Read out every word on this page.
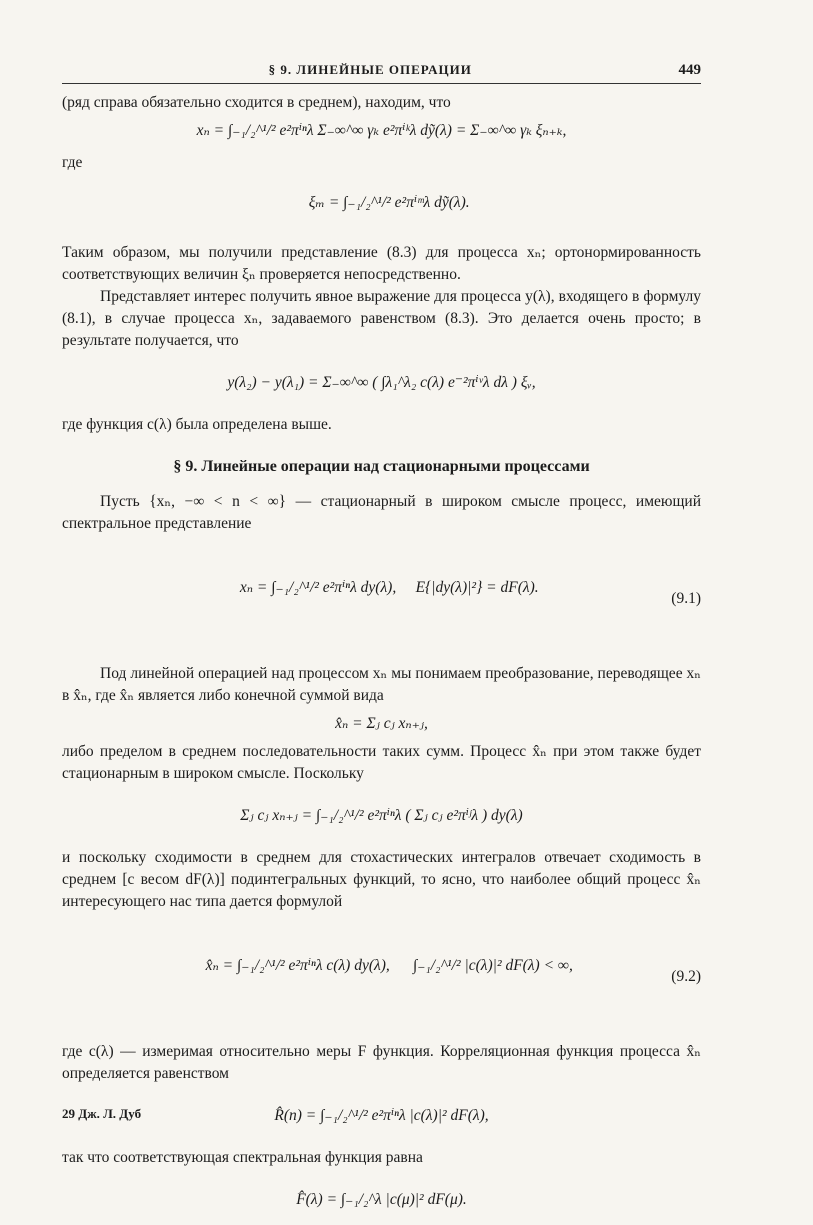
§ 9. ЛИНЕЙНЫЕ ОПЕРАЦИИ	449

(ряд справа обязательно сходится в среднем), находим, что

xₙ = ∫₋₁/₂^¹/² e²πⁱⁿλ Σ₋∞^∞ γₖ e²πⁱᵏλ dỹ(λ) = Σ₋∞^∞ γₖ ξₙ₊ₖ,

где

ξₘ = ∫₋₁/₂^¹/² e²πⁱᵐλ dỹ(λ).

Таким образом, мы получили представление (8.3) для процесса xₙ; ортонормированность соответствующих величин ξₙ проверяется непосредственно.

Представляет интерес получить явное выражение для процесса y(λ), входящего в формулу (8.1), в случае процесса xₙ, задаваемого равенством (8.3). Это делается очень просто; в результате получается, что

y(λ₂) − y(λ₁) = Σ₋∞^∞ ( ∫λ₁^λ₂ c(λ) e⁻²πⁱᵛλ dλ ) ξᵥ,

где функция c(λ) была определена выше.

§ 9. Линейные операции над стационарными процессами

Пусть {xₙ, −∞ < n < ∞} — стационарный в широком смысле процесс, имеющий спектральное представление

xₙ = ∫₋₁/₂^¹/² e²πⁱⁿλ dy(λ),     E{|dy(λ)|²} = dF(λ).

(9.1)

Под линейной операцией над процессом xₙ мы понимаем преобразование, переводящее xₙ в x̂ₙ, где x̂ₙ является либо конечной суммой вида

x̂ₙ = Σⱼ cⱼ xₙ₊ⱼ,

либо пределом в среднем последовательности таких сумм. Процесс x̂ₙ при этом также будет стационарным в широком смысле. Поскольку

Σⱼ cⱼ xₙ₊ⱼ = ∫₋₁/₂^¹/² e²πⁱⁿλ ( Σⱼ cⱼ e²πⁱʲλ ) dy(λ)

и поскольку сходимости в среднем для стохастических интегралов отвечает сходимость в среднем [с весом dF(λ)] подинтегральных функций, то ясно, что наиболее общий процесс x̂ₙ интересующего нас типа дается формулой

x̂ₙ = ∫₋₁/₂^¹/² e²πⁱⁿλ c(λ) dy(λ),      ∫₋₁/₂^¹/² |c(λ)|² dF(λ) < ∞,

(9.2)

где c(λ) — измеримая относительно меры F функция. Корреляционная функция процесса x̂ₙ определяется равенством

R̂(n) = ∫₋₁/₂^¹/² e²πⁱⁿλ |c(λ)|² dF(λ),

так что соответствующая спектральная функция равна

F̂(λ) = ∫₋₁/₂^λ |c(μ)|² dF(μ).
29 Дж. Л. Дуб
